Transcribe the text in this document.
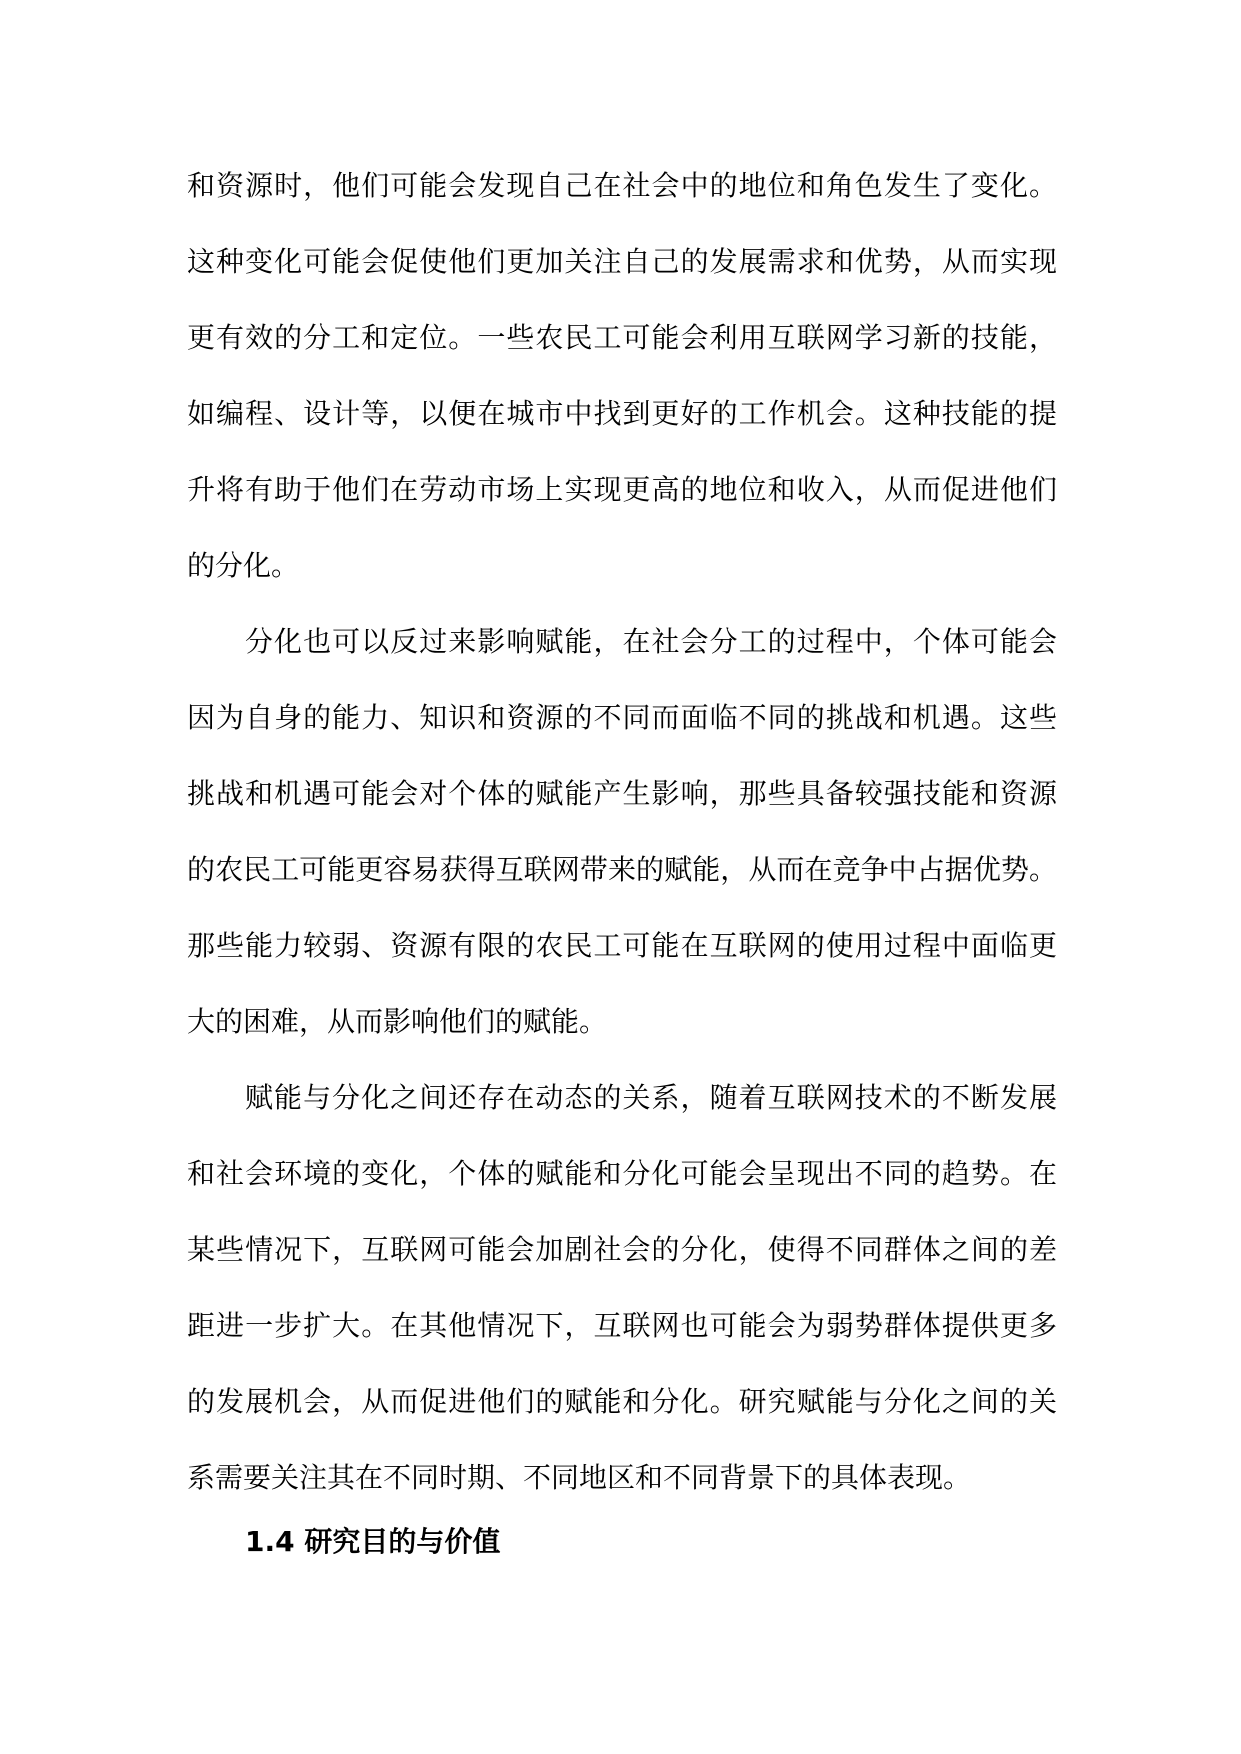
和资源时，他们可能会发现自己在社会中的地位和角色发生了变化。
这种变化可能会促使他们更加关注自己的发展需求和优势，从而实现
更有效的分工和定位。一些农民工可能会利用互联网学习新的技能，
如编程、设计等，以便在城市中找到更好的工作机会。这种技能的提
升将有助于他们在劳动市场上实现更高的地位和收入，从而促进他们
的分化。
分化也可以反过来影响赋能，在社会分工的过程中，个体可能会
因为自身的能力、知识和资源的不同而面临不同的挑战和机遇。这些
挑战和机遇可能会对个体的赋能产生影响，那些具备较强技能和资源
的农民工可能更容易获得互联网带来的赋能，从而在竞争中占据优势。
那些能力较弱、资源有限的农民工可能在互联网的使用过程中面临更
大的困难，从而影响他们的赋能。
赋能与分化之间还存在动态的关系，随着互联网技术的不断发展
和社会环境的变化，个体的赋能和分化可能会呈现出不同的趋势。在
某些情况下，互联网可能会加剧社会的分化，使得不同群体之间的差
距进一步扩大。在其他情况下，互联网也可能会为弱势群体提供更多
的发展机会，从而促进他们的赋能和分化。研究赋能与分化之间的关
系需要关注其在不同时期、不同地区和不同背景下的具体表现。
1.4 研究目的与价值
